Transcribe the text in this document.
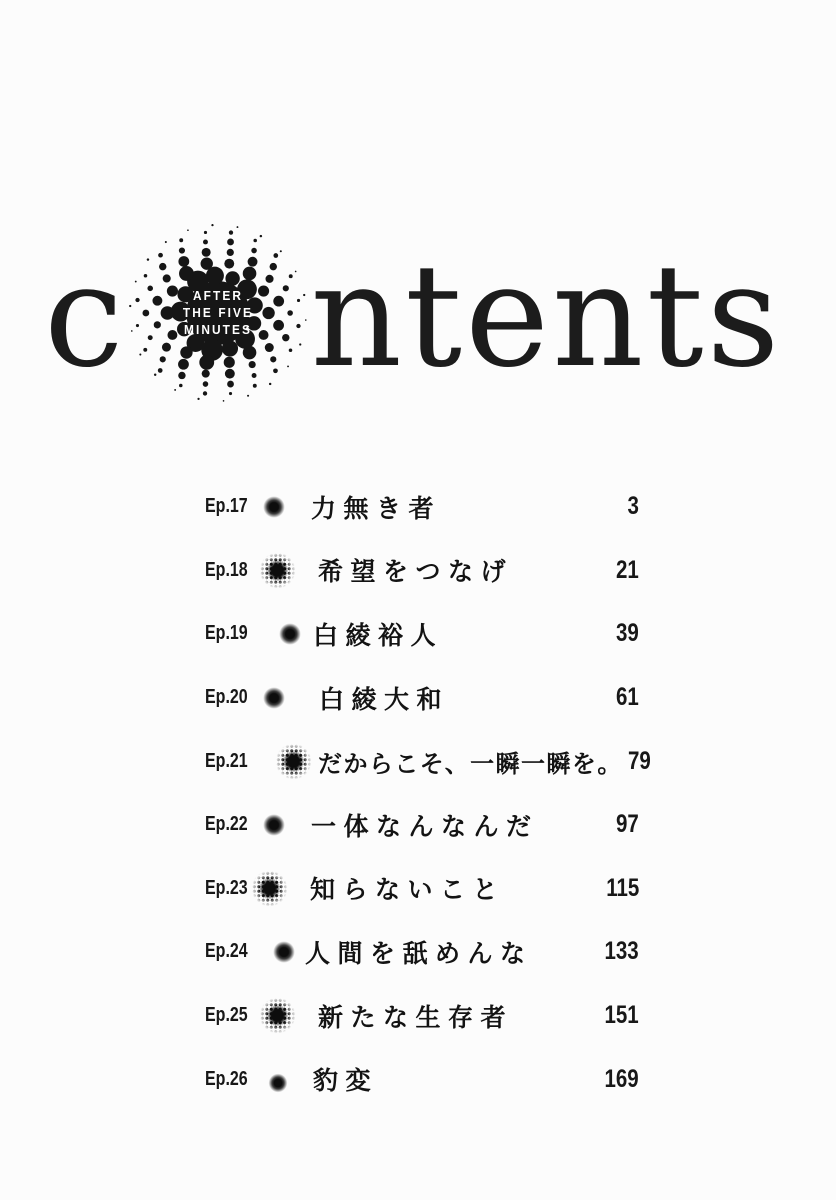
c	AFTER
THE FIVE
MINUTES ntents
Ep.17	力無き者	3
Ep.18	希望をつなげ	21
Ep.19	白綾裕人	39
Ep.20	白綾大和	61
Ep.21	だからこそ、一瞬一瞬を。 79
Ep.22	一体なんなんだ	97
Ep.23 知らないこと	115
Ep.24 人間を舐めんな	133
Ep.25	新たな生存者	151
Ep.26	豹変	169
